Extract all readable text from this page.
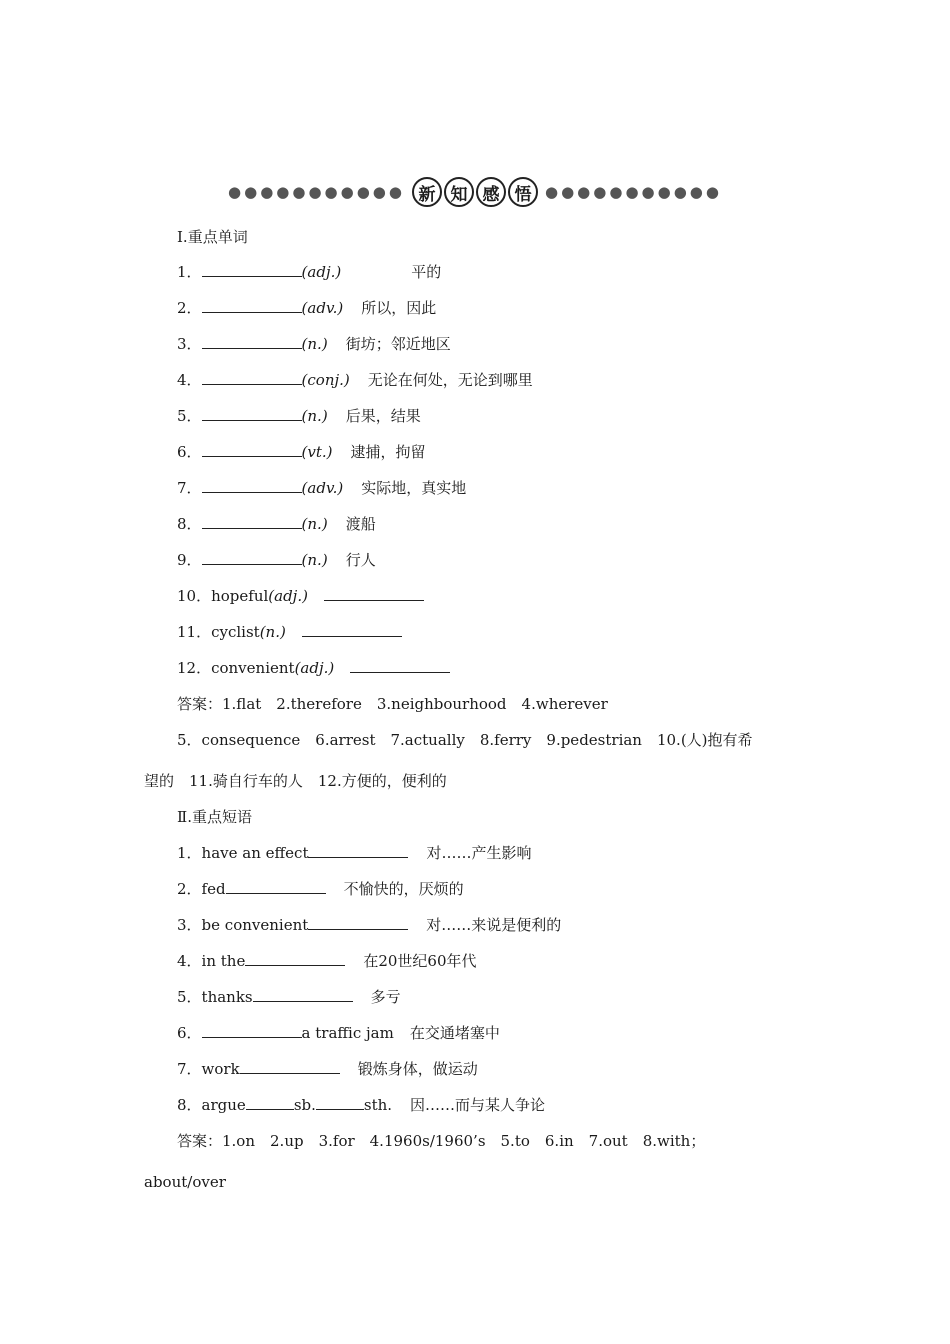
●●●●●●●●●●● 新 知 感 悟 ●●●●●●●●●●●
Ⅰ.重点单词
1．	(adj.)	平的
2．	(adv.) 所以，因此
3．	(n.) 街坊；邻近地区
4．	(conj.) 无论在何处，无论到哪里
5．	(n.) 后果，结果
6．	(vt.) 逮捕，拘留
7．	(adv.) 实际地，真实地
8．	(n.) 渡船
9．	(n.) 行人
10．hopeful(adj.)
11．cyclist(n.)
12．convenient(adj.)
答案：1.flat　2.therefore　3.neighbourhood　4.wherever
5．consequence　6.arrest　7.actually　8.ferry　9.pedestrian　10.(人)抱有希
望的　11.骑自行车的人　12.方便的，便利的
Ⅱ.重点短语
1．have an effect	对……产生影响
2．fed	不愉快的，厌烦的
3．be convenient	对……来说是便利的
4．in the	在20世纪60年代
5．thanks	多亏
6．	a traffic jam 在交通堵塞中
7．work	锻炼身体，做运动
8．argue	sb.	sth. 因……而与某人争论
答案：1.on　2.up　3.for　4.1960s/1960’s　5.to　6.in　7.out　8.with；
about/over
